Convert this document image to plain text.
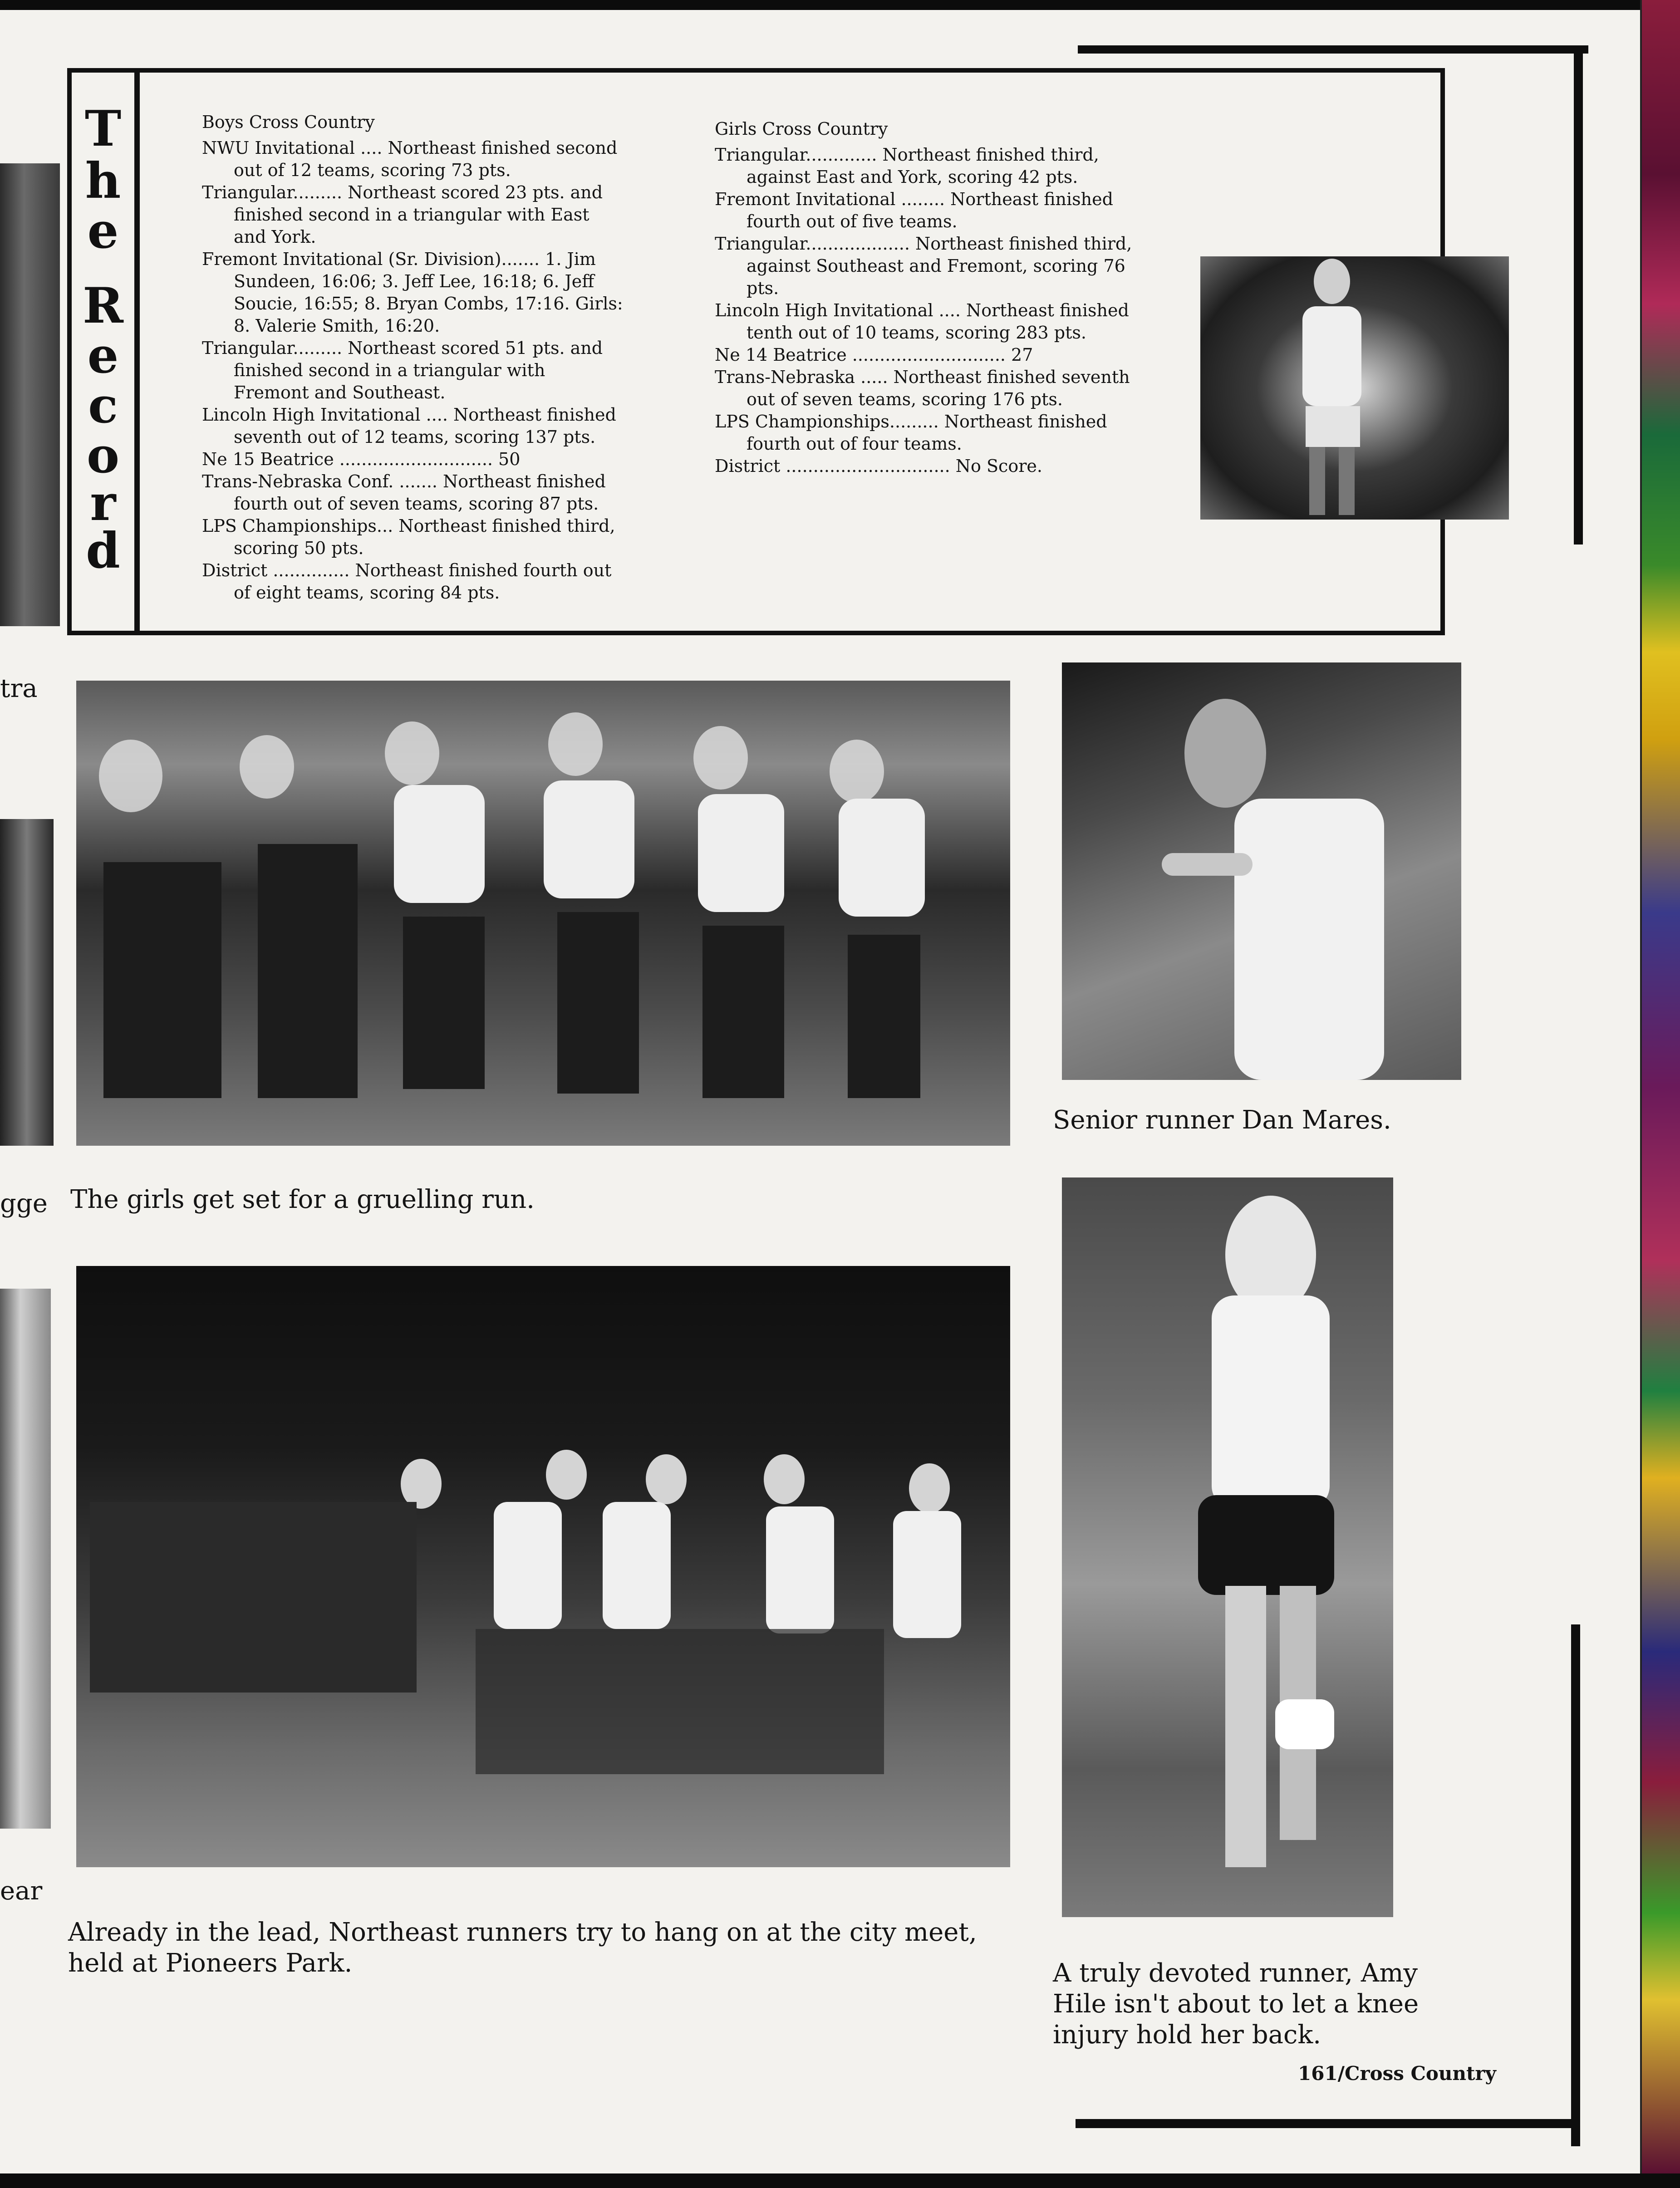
tra
gge
ear
T
h
e
R
e
c
o
r
d
Boys Cross Country

NWU Invitational .... Northeast finished second out of 12 teams, scoring 73 pts.

Triangular......... Northeast scored 23 pts. and finished second in a triangular with East and York.

Fremont Invitational (Sr. Division)....... 1. Jim Sundeen, 16:06; 3. Jeff Lee, 16:18; 6. Jeff Soucie, 16:55; 8. Bryan Combs, 17:16. Girls: 8. Valerie Smith, 16:20.

Triangular......... Northeast scored 51 pts. and finished second in a triangular with Fremont and Southeast.

Lincoln High Invitational .... Northeast finished seventh out of 12 teams, scoring 137 pts.

Ne 15 Beatrice ............................ 50

Trans-Nebraska Conf. ....... Northeast finished fourth out of seven teams, scoring 87 pts.

LPS Championships... Northeast finished third, scoring 50 pts.

District .............. Northeast finished fourth out of eight teams, scoring 84 pts.

Girls Cross Country

Triangular............. Northeast finished third, against East and York, scoring 42 pts.

Fremont Invitational ........ Northeast finished fourth out of five teams.

Triangular................... Northeast finished third, against Southeast and Fremont, scoring 76 pts.

Lincoln High Invitational .... Northeast finished tenth out of 10 teams, scoring 283 pts.

Ne 14 Beatrice ............................ 27

Trans-Nebraska ..... Northeast finished seventh out of seven teams, scoring 176 pts.

LPS Championships......... Northeast finished fourth out of four teams.

District .............................. No Score.

The girls get set for a gruelling run.
Senior runner Dan Mares.
Already in the lead, Northeast runners try to hang on at the city meet, held at Pioneers Park.	A truly devoted runner, Amy Hile isn't about to let a knee injury hold her back.
161/Cross Country
